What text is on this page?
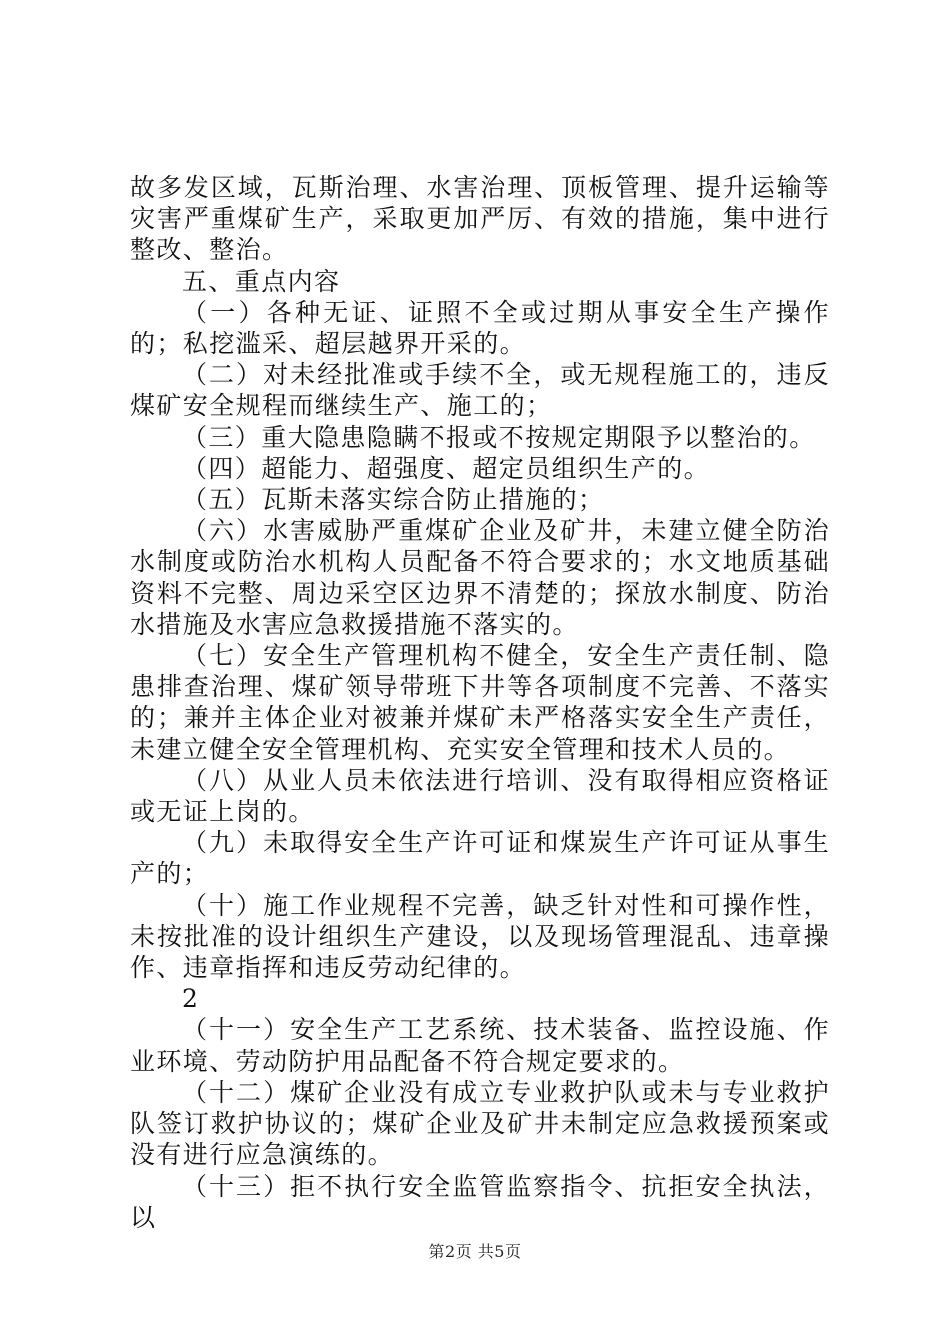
故多发区域，瓦斯治理、水害治理、顶板管理、提升运输等灾害严重煤矿生产，采取更加严厉、有效的措施，集中进行整改、整治。

五、重点内容

（一）各种无证、证照不全或过期从事安全生产操作的；私挖滥采、超层越界开采的。

（二）对未经批准或手续不全，或无规程施工的，违反煤矿安全规程而继续生产、施工的；

（三）重大隐患隐瞒不报或不按规定期限予以整治的。

（四）超能力、超强度、超定员组织生产的。

（五）瓦斯未落实综合防止措施的；

（六）水害威胁严重煤矿企业及矿井，未建立健全防治水制度或防治水机构人员配备不符合要求的；水文地质基础资料不完整、周边采空区边界不清楚的；探放水制度、防治水措施及水害应急救援措施不落实的。

（七）安全生产管理机构不健全，安全生产责任制、隐患排查治理、煤矿领导带班下井等各项制度不完善、不落实的；兼并主体企业对被兼并煤矿未严格落实安全生产责任，未建立健全安全管理机构、充实安全管理和技术人员的。

（八）从业人员未依法进行培训、没有取得相应资格证或无证上岗的。

（九）未取得安全生产许可证和煤炭生产许可证从事生产的；

（十）施工作业规程不完善，缺乏针对性和可操作性，未按批准的设计组织生产建设，以及现场管理混乱、违章操作、违章指挥和违反劳动纪律的。

2

（十一）安全生产工艺系统、技术装备、监控设施、作业环境、劳动防护用品配备不符合规定要求的。

（十二）煤矿企业没有成立专业救护队或未与专业救护队签订救护协议的；煤矿企业及矿井未制定应急救援预案或没有进行应急演练的。

（十三）拒不执行安全监管监察指令、抗拒安全执法，以

第2页 共5页
